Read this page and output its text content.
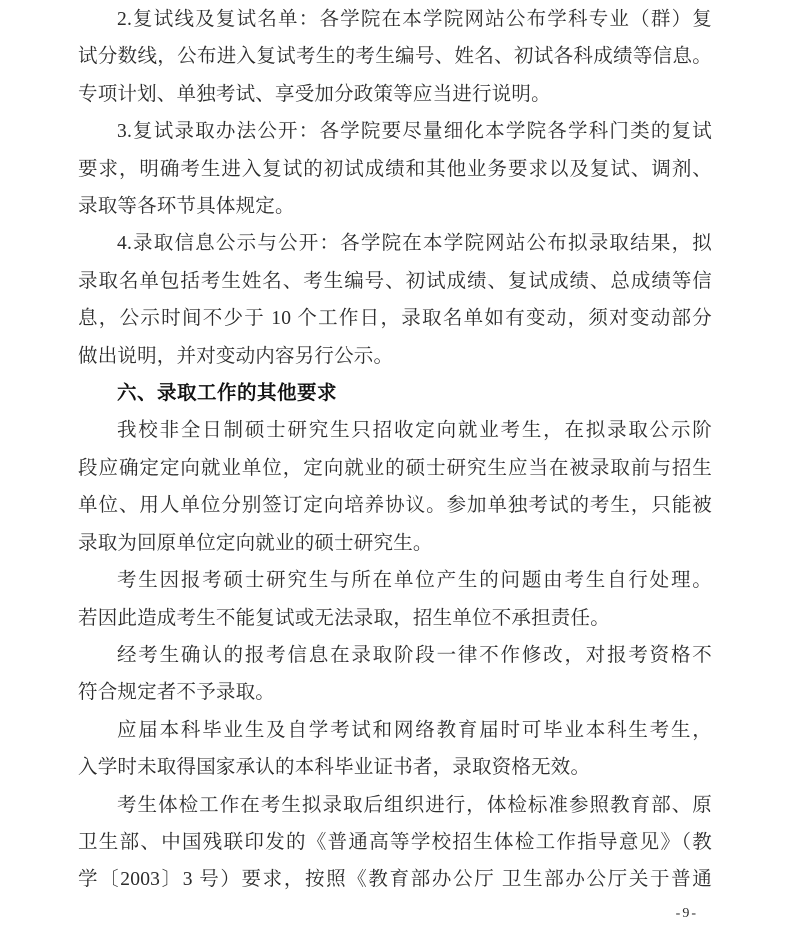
2.复试线及复试名单：各学院在本学院网站公布学科专业（群）复
试分数线，公布进入复试考生的考生编号、姓名、初试各科成绩等信息。
专项计划、单独考试、享受加分政策等应当进行说明。
3.复试录取办法公开：各学院要尽量细化本学院各学科门类的复试
要求，明确考生进入复试的初试成绩和其他业务要求以及复试、调剂、
录取等各环节具体规定。
4.录取信息公示与公开：各学院在本学院网站公布拟录取结果，拟
录取名单包括考生姓名、考生编号、初试成绩、复试成绩、总成绩等信
息，公示时间不少于 10 个工作日，录取名单如有变动，须对变动部分
做出说明，并对变动内容另行公示。
六、录取工作的其他要求
我校非全日制硕士研究生只招收定向就业考生，在拟录取公示阶
段应确定定向就业单位，定向就业的硕士研究生应当在被录取前与招生
单位、用人单位分别签订定向培养协议。参加单独考试的考生，只能被
录取为回原单位定向就业的硕士研究生。
考生因报考硕士研究生与所在单位产生的问题由考生自行处理。
若因此造成考生不能复试或无法录取，招生单位不承担责任。
经考生确认的报考信息在录取阶段一律不作修改，对报考资格不
符合规定者不予录取。
应届本科毕业生及自学考试和网络教育届时可毕业本科生考生，
入学时未取得国家承认的本科毕业证书者，录取资格无效。
考生体检工作在考生拟录取后组织进行，体检标准参照教育部、原
卫生部、中国残联印发的《普通高等学校招生体检工作指导意见》（教
学〔2003〕3 号）要求，按照《教育部办公厅 卫生部办公厅关于普通
-9-
